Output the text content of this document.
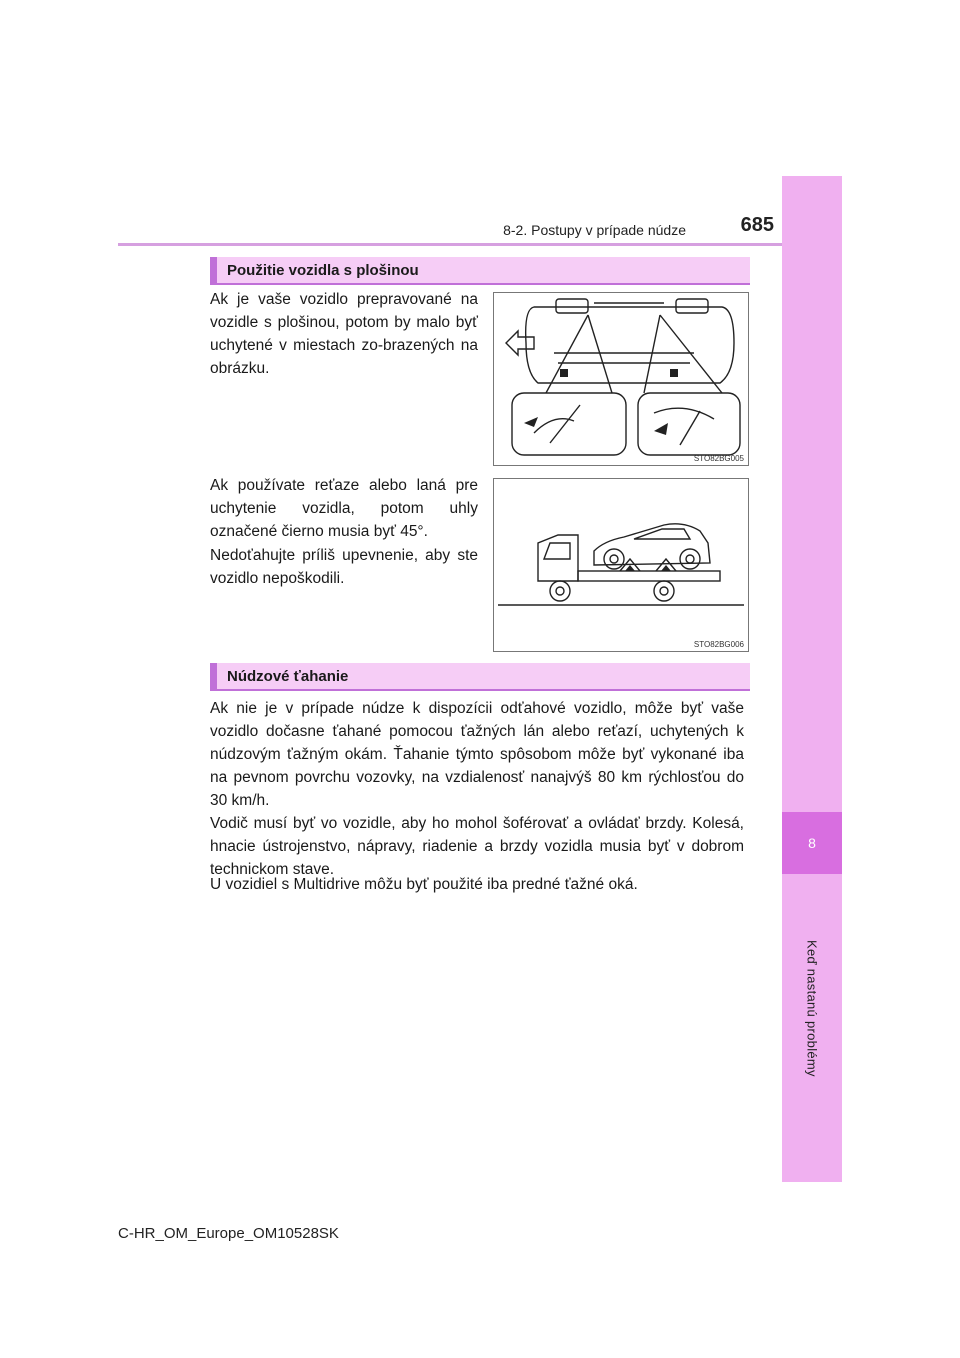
8
Keď nastanú problémy
8-2. Postupy v prípade núdze	685
Použitie vozidla s plošinou
Ak je vaše vozidlo prepravované na vozidle s plošinou, potom by malo byť uchytené v miestach zo-brazených na obrázku.
STO82BG005
Ak používate reťaze alebo laná pre uchytenie vozidla, potom uhly označené čierno musia byť 45°.
Nedoťahujte príliš upevnenie, aby ste vozidlo nepoškodili.
STO82BG006
Núdzové ťahanie
Ak nie je v prípade núdze k dispozícii odťahové vozidlo, môže byť vaše vozidlo dočasne ťahané pomocou ťažných lán alebo reťazí, uchytených k núdzovým ťažným okám. Ťahanie týmto spôsobom môže byť vykonané iba na pevnom povrchu vozovky, na vzdialenosť nanajvýš 80 km rýchlosťou do 30 km/h.
Vodič musí byť vo vozidle, aby ho mohol šoférovať a ovládať brzdy. Kolesá, hnacie ústrojenstvo, nápravy, riadenie a brzdy vozidla musia byť v dobrom technickom stave.
U vozidiel s Multidrive môžu byť použité iba predné ťažné oká.
C-HR_OM_Europe_OM10528SK
